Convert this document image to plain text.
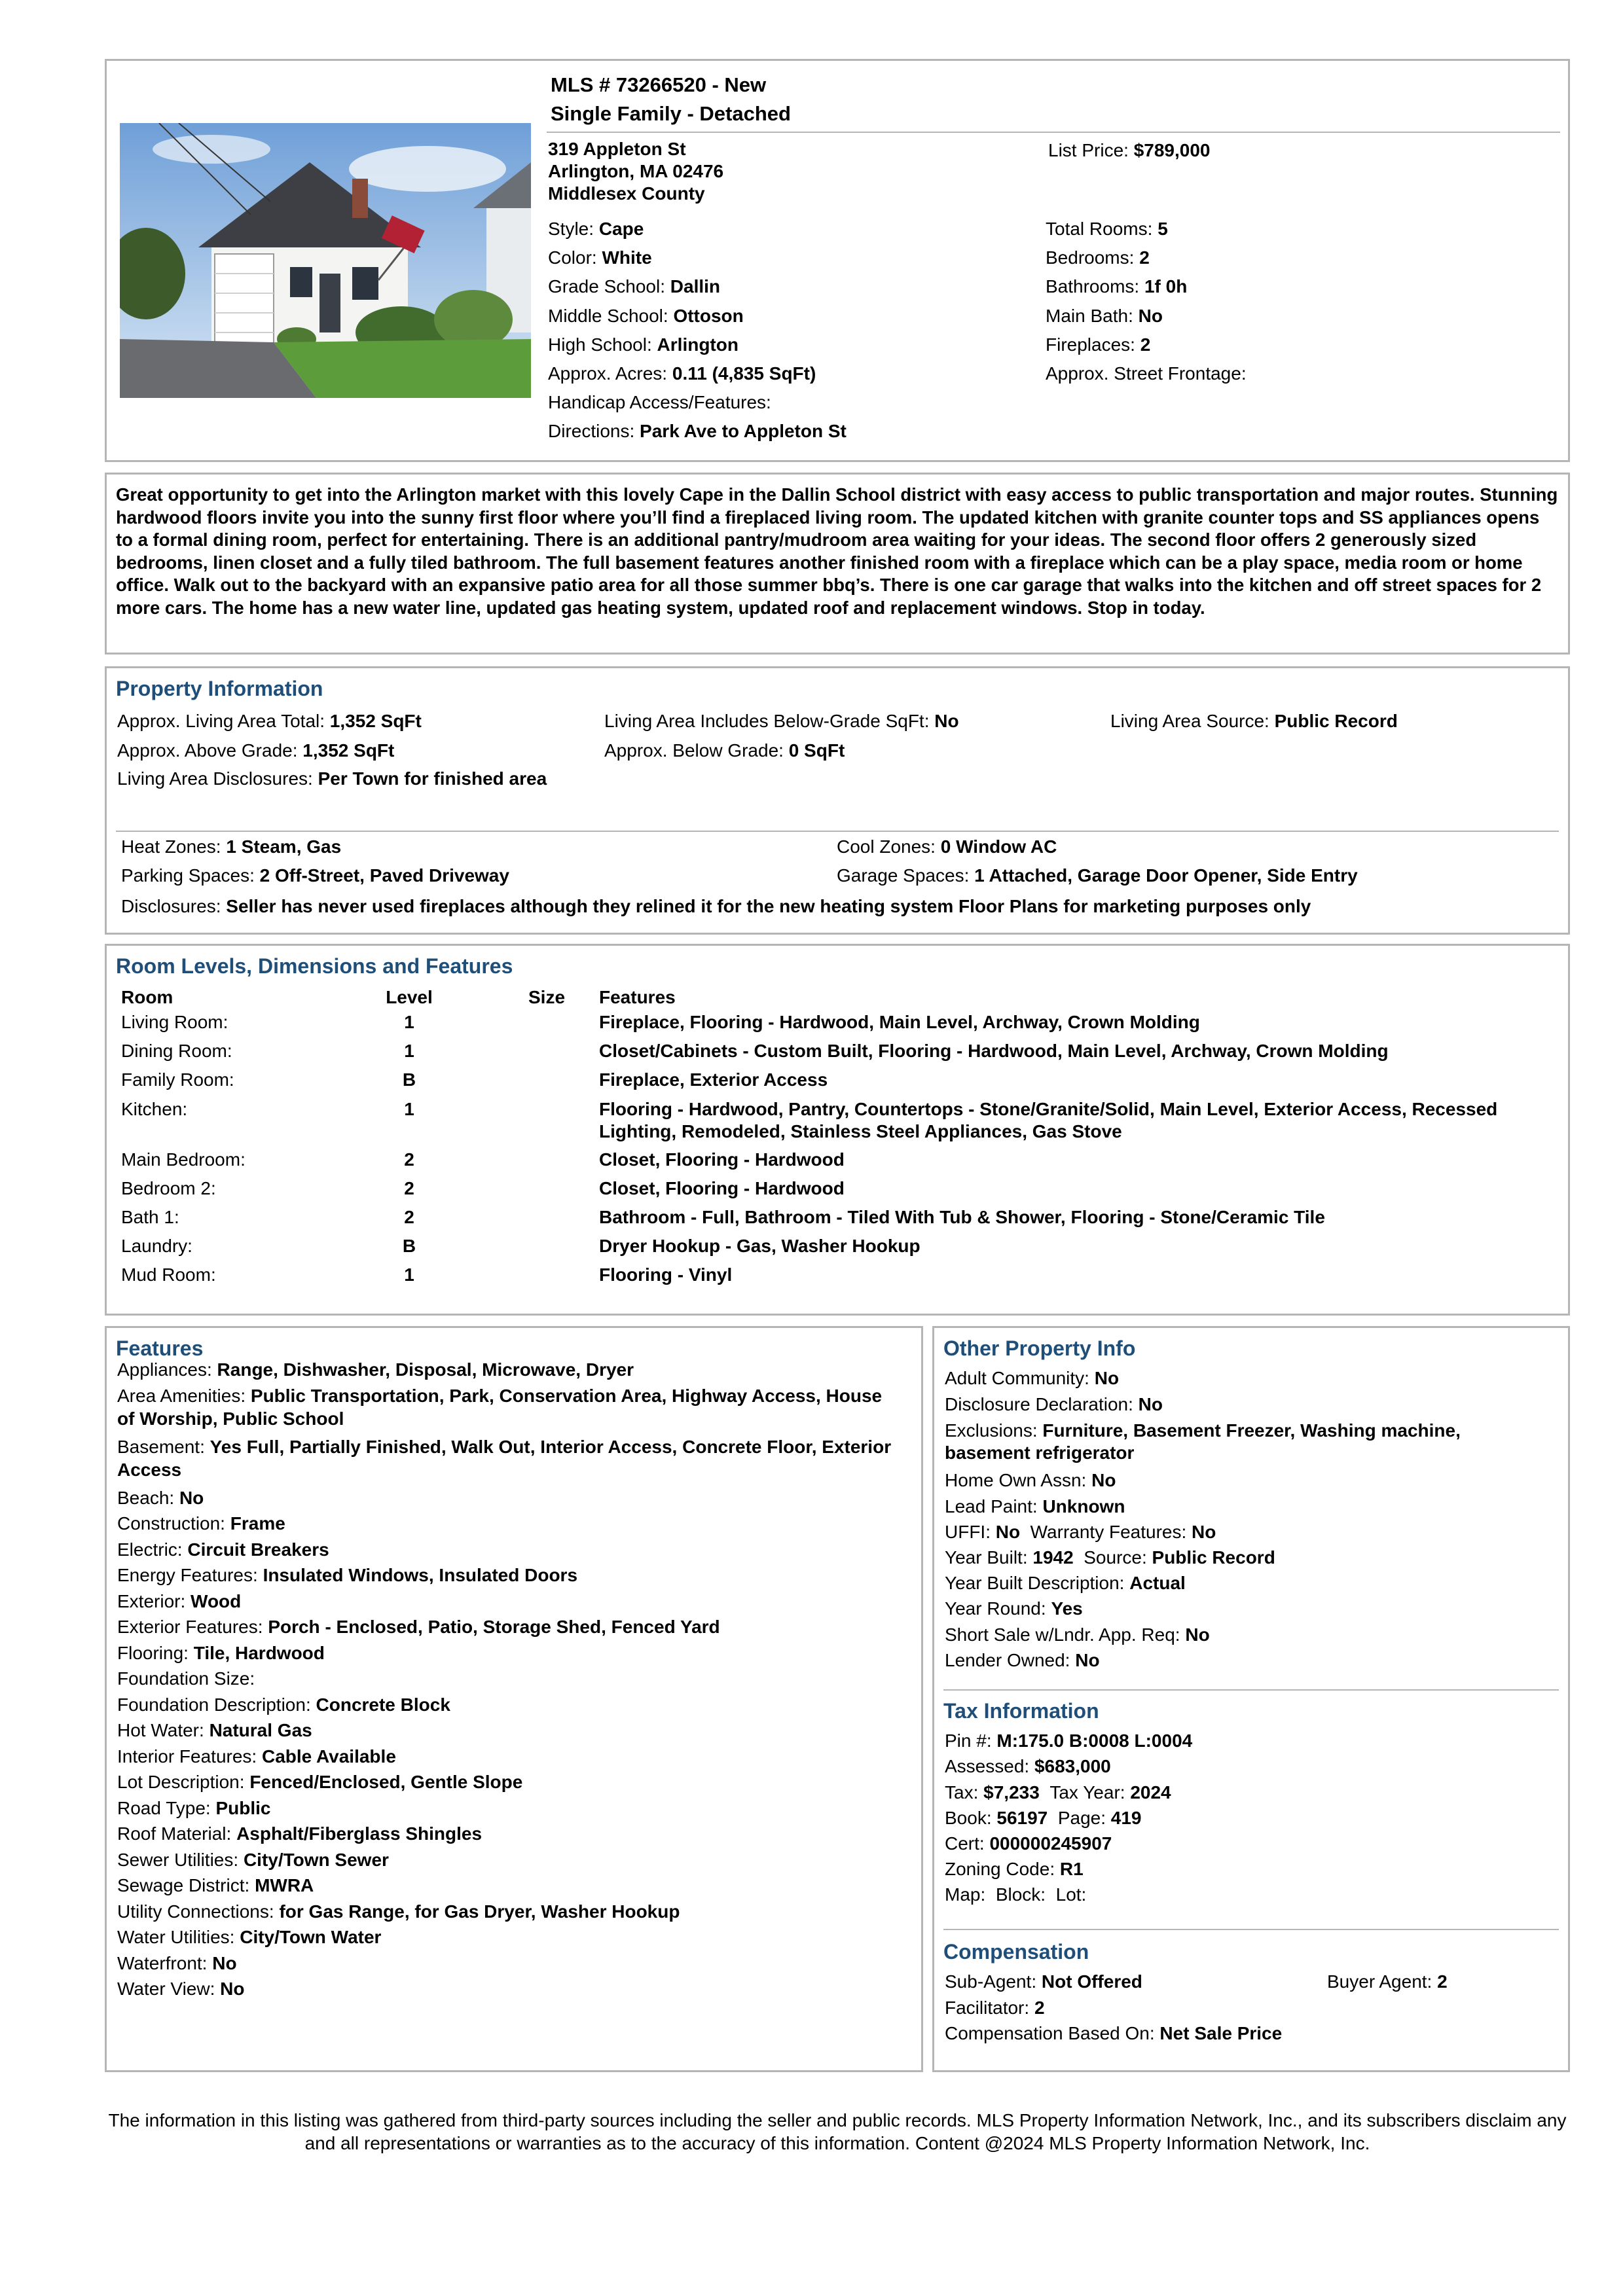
MLS # 73266520 - New
Single Family - Detached
319 Appleton St
Arlington, MA 02476
Middlesex County
List Price: $789,000
Style: Cape
Color: White
Grade School: Dallin
Middle School: Ottoson
High School: Arlington
Approx. Acres: 0.11 (4,835 SqFt)
Handicap Access/Features:
Directions: Park Ave to Appleton St
Total Rooms: 5
Bedrooms: 2
Bathrooms: 1f 0h
Main Bath: No
Fireplaces: 2
Approx. Street Frontage:
Great opportunity to get into the Arlington market with this lovely Cape in the Dallin School district with easy access to public transportation and major routes. Stunning hardwood floors invite you into the sunny first floor where you’ll find a fireplaced living room. The updated kitchen with granite counter tops and SS appliances opens to a formal dining room, perfect for entertaining. There is an additional pantry/mudroom area waiting for your ideas. The second floor offers 2 generously sized bedrooms, linen closet and a fully tiled bathroom. The full basement features another finished room with a fireplace which can be a play space, media room or home office. Walk out to the backyard with an expansive patio area for all those summer bbq’s. There is one car garage that walks into the kitchen and off street spaces for 2 more cars. The home has a new water line, updated gas heating system, updated roof and replacement windows. Stop in today.
Property Information
Approx. Living Area Total: 1,352 SqFt	Living Area Includes Below-Grade SqFt: No	Living Area Source: Public Record
Approx. Above Grade: 1,352 SqFt	Approx. Below Grade: 0 SqFt
Living Area Disclosures: Per Town for finished area
Heat Zones: 1 Steam, Gas	Cool Zones: 0 Window AC
Parking Spaces: 2 Off-Street, Paved Driveway	Garage Spaces: 1 Attached, Garage Door Opener, Side Entry
Disclosures: Seller has never used fireplaces although they relined it for the new heating system Floor Plans for marketing purposes only
Room Levels, Dimensions and Features
Room	Level	Size Features
Living Room:	1	Fireplace, Flooring - Hardwood, Main Level, Archway, Crown Molding
Dining Room:	1	Closet/Cabinets - Custom Built, Flooring - Hardwood, Main Level, Archway, Crown Molding
Family Room:	B	Fireplace, Exterior Access
Kitchen:	1	Flooring - Hardwood, Pantry, Countertops - Stone/Granite/Solid, Main Level, Exterior Access, Recessed Lighting, Remodeled, Stainless Steel Appliances, Gas Stove
Main Bedroom:	2	Closet, Flooring - Hardwood
Bedroom 2:	2	Closet, Flooring - Hardwood
Bath 1:	2	Bathroom - Full, Bathroom - Tiled With Tub & Shower, Flooring - Stone/Ceramic Tile
Laundry:	B	Dryer Hookup - Gas, Washer Hookup
Mud Room:	1	Flooring - Vinyl
Features
Appliances: Range, Dishwasher, Disposal, Microwave, Dryer
Area Amenities: Public Transportation, Park, Conservation Area, Highway Access, House of Worship, Public School
Basement: Yes Full, Partially Finished, Walk Out, Interior Access, Concrete Floor, Exterior Access
Beach: No
Construction: Frame
Electric: Circuit Breakers
Energy Features: Insulated Windows, Insulated Doors
Exterior: Wood
Exterior Features: Porch - Enclosed, Patio, Storage Shed, Fenced Yard
Flooring: Tile, Hardwood
Foundation Size:
Foundation Description: Concrete Block
Hot Water: Natural Gas
Interior Features: Cable Available
Lot Description: Fenced/Enclosed, Gentle Slope
Road Type: Public
Roof Material: Asphalt/Fiberglass Shingles
Sewer Utilities: City/Town Sewer
Sewage District: MWRA
Utility Connections: for Gas Range, for Gas Dryer, Washer Hookup
Water Utilities: City/Town Water
Waterfront: No
Water View: No
Other Property Info
Adult Community: No
Disclosure Declaration: No
Exclusions: Furniture, Basement Freezer, Washing machine, basement refrigerator
Home Own Assn: No
Lead Paint: Unknown
UFFI: No Warranty Features: No
Year Built: 1942 Source: Public Record
Year Built Description: Actual
Year Round: Yes
Short Sale w/Lndr. App. Req: No
Lender Owned: No
Tax Information
Pin #: M:175.0 B:0008 L:0004
Assessed: $683,000
Tax: $7,233 Tax Year: 2024
Book: 56197 Page: 419
Cert: 000000245907
Zoning Code: R1
Map: Block: Lot:
Compensation
Sub-Agent: Not Offered	Buyer Agent: 2
Facilitator: 2
Compensation Based On: Net Sale Price
The information in this listing was gathered from third-party sources including the seller and public records. MLS Property Information Network, Inc., and its subscribers disclaim any and all representations or warranties as to the accuracy of this information. Content @2024 MLS Property Information Network, Inc.
